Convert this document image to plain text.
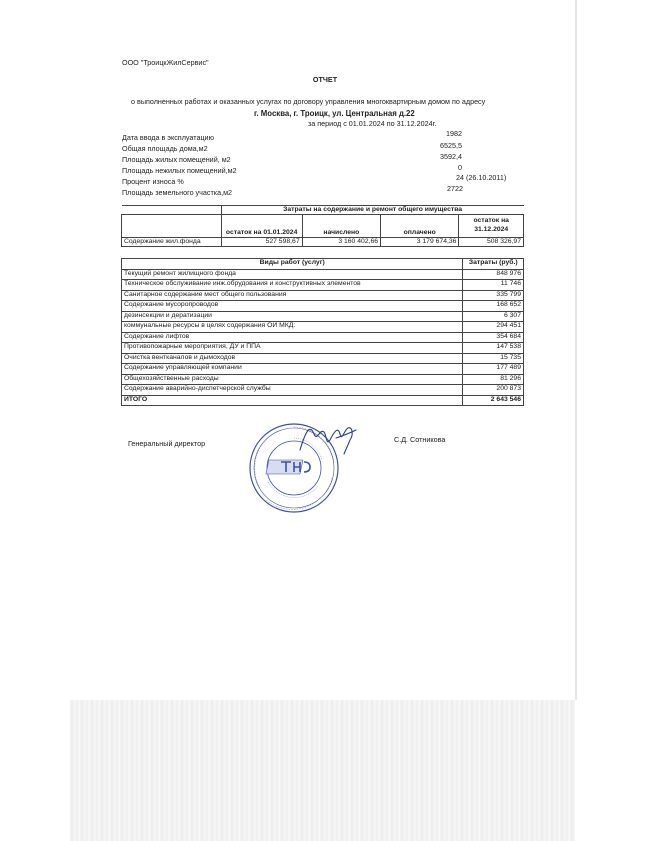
ООО "ТроицкЖилСервис"
ОТЧЕТ
о выполненных работах и оказанных услугах по договору управления многоквартирным домом по адресу
г. Москва, г. Троицк, ул. Центральная д.22
за период с 01.01.2024 по 31.12.2024г.
Дата ввода в эксплуатацию	1982
Общая площадь дома,м2	6525,5
Площадь жилых помещений, м2	3592,4
Площадь нежилых помещений,м2	0
Процент износа %	24 (26.10.2011)
Площадь земельного участка,м2	2722
	Затраты на содержание и ремонт общего имущества			
	остаток на 01.01.2024	начислено	оплачено	остаток на 31.12.2024
Содержание жил.фонда	527 598,67	3 160 402,66	3 179 674,36	508 326,97
Виды работ (услуг)	Затраты (руб.)
Текущий ремонт жилищного фонда	848 976
Техническое обслуживание инж.обрудования и конструктивных элементов	11 746
Санитарное содержание мест общего пользования	335 799
Содержание мусоропроводов	168 652
дезинсекции и дератизации	6 307
коммунальные ресурсы в целях содержания ОИ МКД:	294 451
Содержание лифтов	354 684
Противопожарные мероприятия, ДУ и ППА	147 538
Очистка вентканалов и дымоходов	15 735
Содержание управляющей компании	177 489
Общехозяйственные расходы	81 296
Содержание аварийно-диспетчерской службы	200 873
ИТОГО	2 643 546
Генеральный директор	С.Д. Сотникова
